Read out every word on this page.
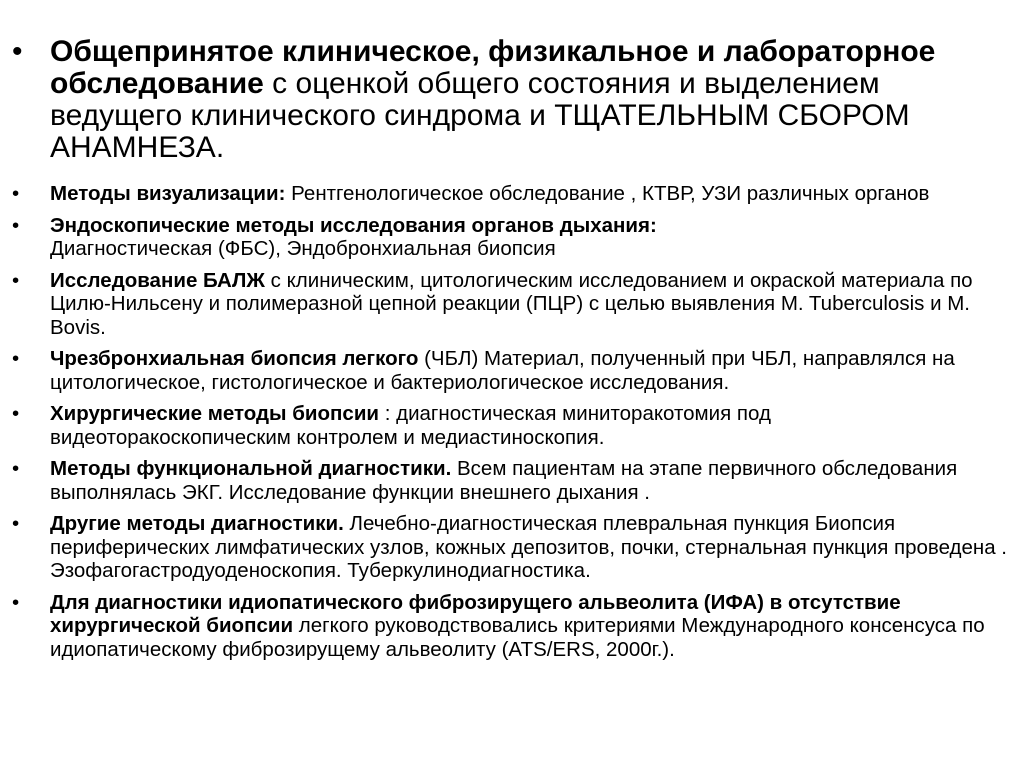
• Общепринятое клиническое, физикальное и лабораторное обследование с оценкой общего состояния и выделением ведущего клинического синдрома и ТЩАТЕЛЬНЫМ СБОРОМ АНАМНЕЗА.
• Методы визуализации: Рентгенологическое обследование , КТВР, УЗИ различных органов
• Эндоскопические методы исследования органов дыхания:
Диагностическая (ФБС), Эндобронхиальная биопсия
• Исследование БАЛЖ с клиническим, цитологическим исследованием и окраской материала по Цилю-Нильсену и полимеразной цепной реакции (ПЦР) с целью выявления M. Tuberculosis и M. Bovis.
• Чрезбронхиальная биопсия легкого (ЧБЛ) Материал, полученный при ЧБЛ, направлялся на цитологическое, гистологическое и бактериологическое исследования.
• Хирургические методы биопсии : диагностическая миниторакотомия под видеоторакоскопическим контролем и медиастиноскопия.
• Методы функциональной диагностики. Всем пациентам на этапе первичного обследования выполнялась ЭКГ. Исследование функции внешнего дыхания .
• Другие методы диагностики. Лечебно-диагностическая плевральная пункция Биопсия периферических лимфатических узлов, кожных депозитов, почки, стернальная пункция проведена . Эзофагогастродуоденоскопия. Туберкулинодиагностика.
• Для диагностики идиопатического фиброзирущего альвеолита (ИФА) в отсутствие хирургической биопсии легкого руководствовались критериями Международного консенсуса по идиопатическому фиброзирущему альвеолиту (ATS/ERS, 2000г.).
